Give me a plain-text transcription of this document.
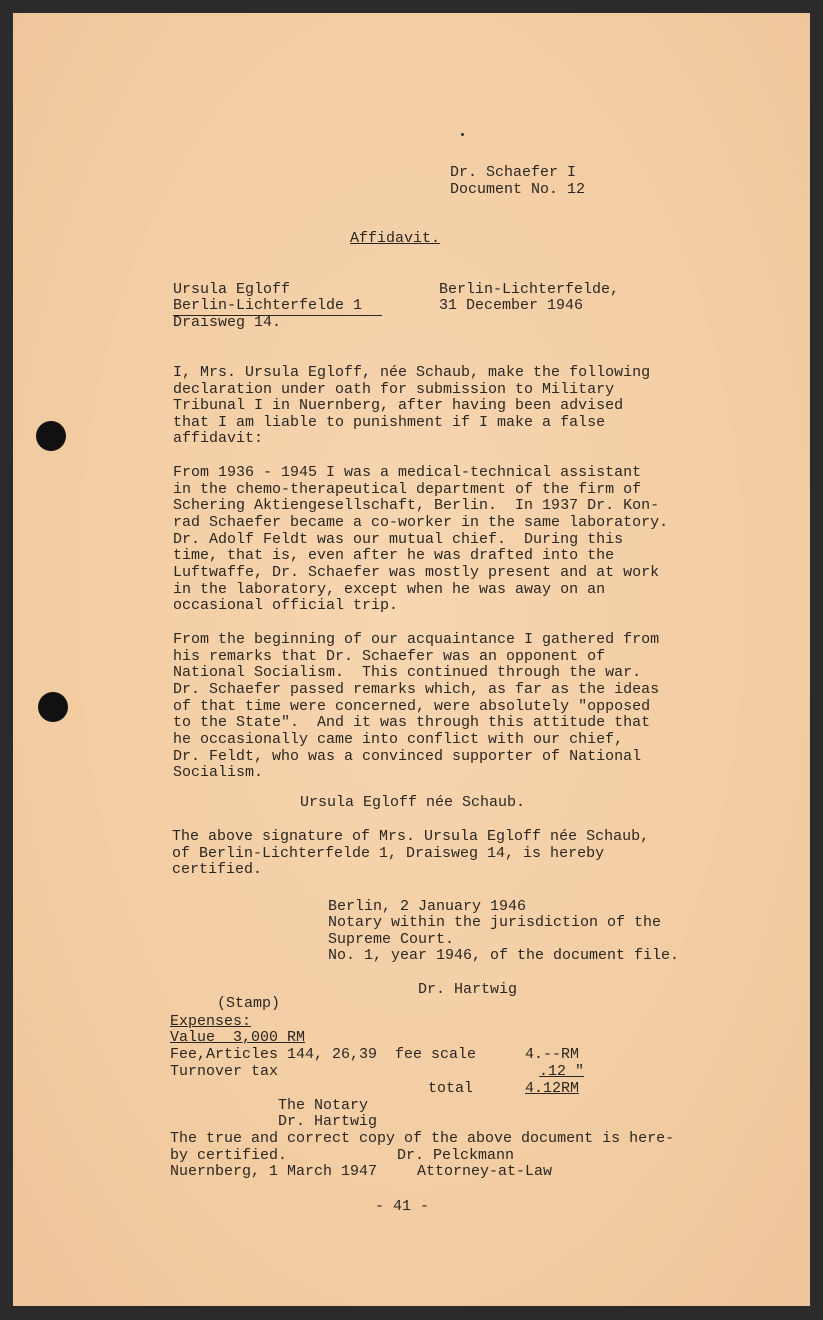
Dr. Schaefer I

Document No. 12

Affidavit.

Ursula Egloff

Berlin-Lichterfelde 1

Draisweg 14.

Berlin-Lichterfelde,

31 December 1946

I, Mrs. Ursula Egloff, née Schaub, make the following

declaration under oath for submission to Military

Tribunal I in Nuernberg, after having been advised

that I am liable to punishment if I make a false

affidavit:

From 1936 - 1945 I was a medical-technical assistant

in the chemo-therapeutical department of the firm of

Schering Aktiengesellschaft, Berlin.  In 1937 Dr. Kon-

rad Schaefer became a co-worker in the same laboratory.

Dr. Adolf Feldt was our mutual chief.  During this

time, that is, even after he was drafted into the

Luftwaffe, Dr. Schaefer was mostly present and at work

in the laboratory, except when he was away on an

occasional official trip.

From the beginning of our acquaintance I gathered from

his remarks that Dr. Schaefer was an opponent of

National Socialism.  This continued through the war.

Dr. Schaefer passed remarks which, as far as the ideas

of that time were concerned, were absolutely "opposed

to the State".  And it was through this attitude that

he occasionally came into conflict with our chief,

Dr. Feldt, who was a convinced supporter of National

Socialism.

Ursula Egloff née Schaub.

The above signature of Mrs. Ursula Egloff née Schaub,

of Berlin-Lichterfelde 1, Draisweg 14, is hereby

certified.

Berlin, 2 January 1946

Notary within the jurisdiction of the

Supreme Court.

No. 1, year 1946, of the document file.

Dr. Hartwig

(Stamp)

Expenses:

Value  3,000 RM

Fee,Articles 144, 26,39  fee scale	4.--RM

Turnover tax	.12 "

total	4.12RM

The Notary

Dr. Hartwig

The true and correct copy of the above document is here-

by certified.	Dr. Pelckmann

Nuernberg, 1 March 1947	Attorney-at-Law

- 41 -
